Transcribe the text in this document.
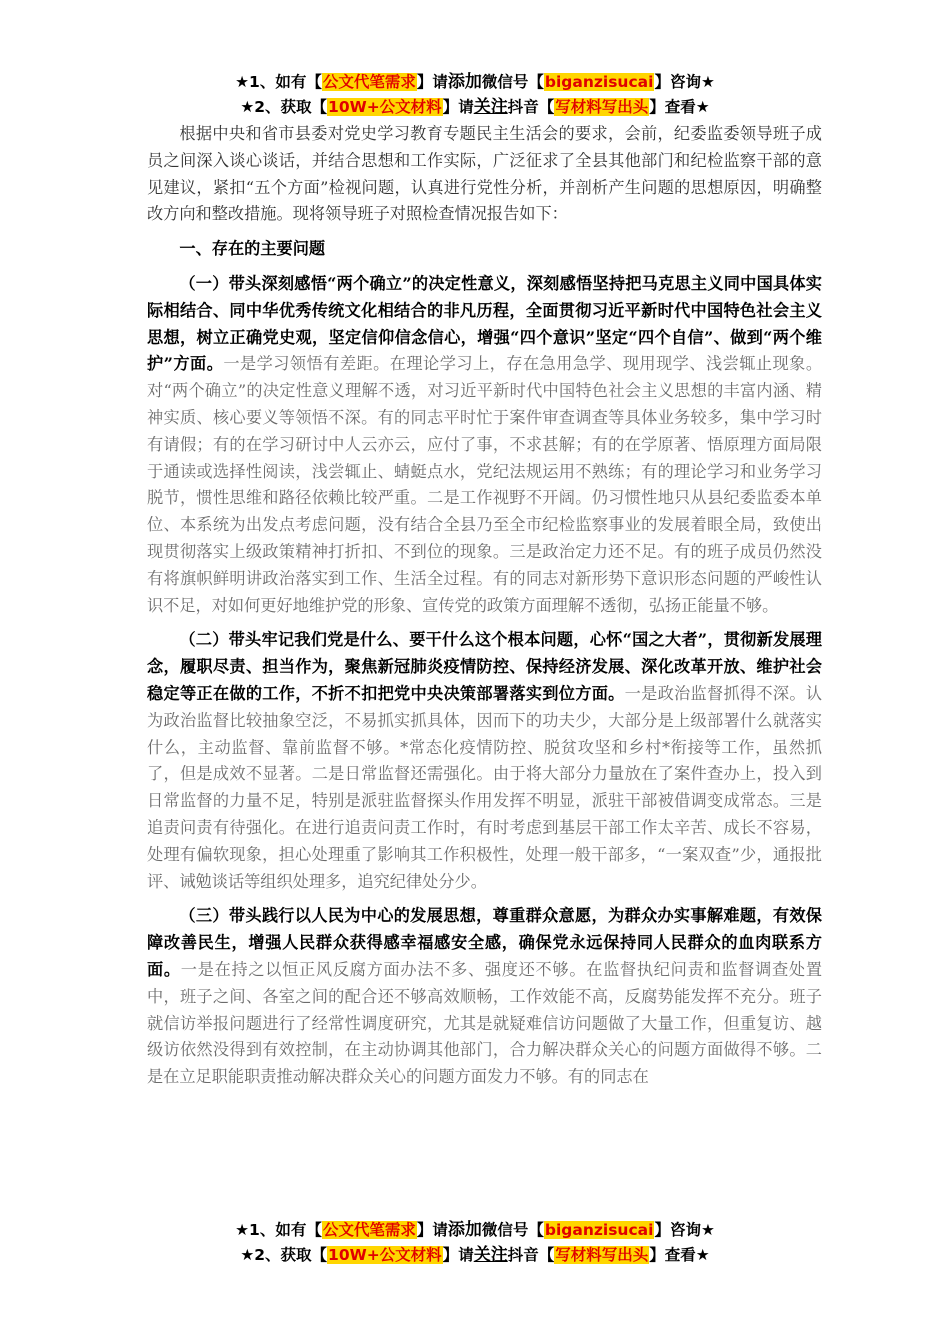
★1、如有【公文代笔需求】请添加微信号【biganzisucai】咨询★
★2、获取【10W+公文材料】请关注抖音【写材料写出头】查看★

根据中央和省市县委对党史学习教育专题民主生活会的要求，会前，纪委监委领导班子成员之间深入谈心谈话，并结合思想和工作实际，广泛征求了全县其他部门和纪检监察干部的意见建议，紧扣“五个方面”检视问题，认真进行党性分析，并剖析产生问题的思想原因，明确整改方向和整改措施。现将领导班子对照检查情况报告如下：

一、存在的主要问题

（一）带头深刻感悟“两个确立”的决定性意义，深刻感悟坚持把马克思主义同中国具体实际相结合、同中华优秀传统文化相结合的非凡历程，全面贯彻习近平新时代中国特色社会主义思想，树立正确党史观，坚定信仰信念信心，增强“四个意识”坚定“四个自信”、做到“两个维护”方面。一是学习领悟有差距。在理论学习上，存在急用急学、现用现学、浅尝辄止现象。对“两个确立”的决定性意义理解不透，对习近平新时代中国特色社会主义思想的丰富内涵、精神实质、核心要义等领悟不深。有的同志平时忙于案件审查调查等具体业务较多，集中学习时有请假；有的在学习研讨中人云亦云，应付了事，不求甚解；有的在学原著、悟原理方面局限于通读或选择性阅读，浅尝辄止、蜻蜓点水，党纪法规运用不熟练；有的理论学习和业务学习脱节，惯性思维和路径依赖比较严重。二是工作视野不开阔。仍习惯性地只从县纪委监委本单位、本系统为出发点考虑问题，没有结合全县乃至全市纪检监察事业的发展着眼全局，致使出现贯彻落实上级政策精神打折扣、不到位的现象。三是政治定力还不足。有的班子成员仍然没有将旗帜鲜明讲政治落实到工作、生活全过程。有的同志对新形势下意识形态问题的严峻性认识不足，对如何更好地维护党的形象、宣传党的政策方面理解不透彻，弘扬正能量不够。

（二）带头牢记我们党是什么、要干什么这个根本问题，心怀“国之大者”，贯彻新发展理念，履职尽责、担当作为，聚焦新冠肺炎疫情防控、保持经济发展、深化改革开放、维护社会稳定等正在做的工作，不折不扣把党中央决策部署落实到位方面。一是政治监督抓得不深。认为政治监督比较抽象空泛，不易抓实抓具体，因而下的功夫少，大部分是上级部署什么就落实什么，主动监督、靠前监督不够。*常态化疫情防控、脱贫攻坚和乡村*衔接等工作，虽然抓了，但是成效不显著。二是日常监督还需强化。由于将大部分力量放在了案件查办上，投入到日常监督的力量不足，特别是派驻监督探头作用发挥不明显，派驻干部被借调变成常态。三是追责问责有待强化。在进行追责问责工作时，有时考虑到基层干部工作太辛苦、成长不容易，处理有偏软现象，担心处理重了影响其工作积极性，处理一般干部多，“一案双查”少，通报批评、诫勉谈话等组织处理多，追究纪律处分少。

（三）带头践行以人民为中心的发展思想，尊重群众意愿，为群众办实事解难题，有效保障改善民生，增强人民群众获得感幸福感安全感，确保党永远保持同人民群众的血肉联系方面。一是在持之以恒正风反腐方面办法不多、强度还不够。在监督执纪问责和监督调查处置中，班子之间、各室之间的配合还不够高效顺畅，工作效能不高，反腐势能发挥不充分。班子就信访举报问题进行了经常性调度研究，尤其是就疑难信访问题做了大量工作，但重复访、越级访依然没得到有效控制，在主动协调其他部门，合力解决群众关心的问题方面做得不够。二是在立足职能职责推动解决群众关心的问题方面发力不够。有的同志在

★1、如有【公文代笔需求】请添加微信号【biganzisucai】咨询★
★2、获取【10W+公文材料】请关注抖音【写材料写出头】查看★
